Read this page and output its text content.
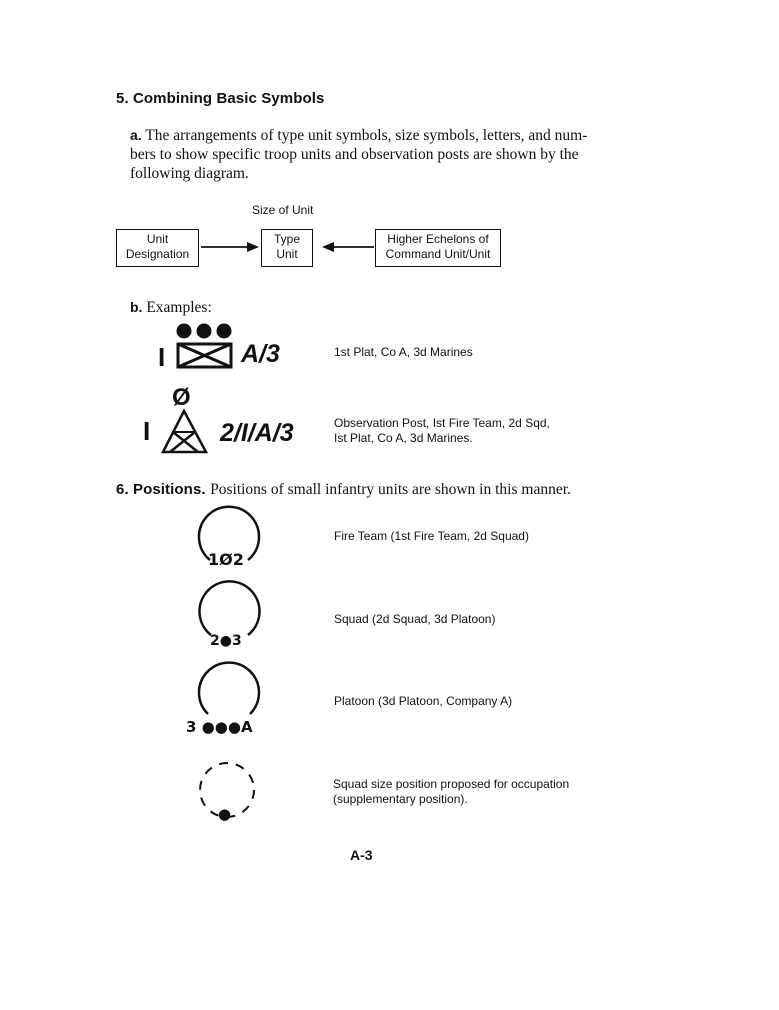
5. Combining Basic Symbols
a. The arrangements of type unit symbols, size symbols, letters, and num-
bers to show specific troop units and observation posts are shown by the
following diagram.
Size of Unit
Unit
Designation
Type
Unit
Higher Echelons of
Command Unit/Unit
b. Examples:
I	A/3	1st Plat, Co A, 3d Marines
I
Ø
2/I/A/3	Observation Post, Ist Fire Team, 2d Sqd,
Ist Plat, Co A, 3d Marines.
6. Positions. Positions of small infantry units are shown in this manner.
1Ø2
Fire Team (1st Fire Team, 2d Squad)
2●3
Squad (2d Squad, 3d Platoon)
3 ●●●A
Platoon (3d Platoon, Company A)
●
Squad size position proposed for occupation
(supplementary position).
A-3
